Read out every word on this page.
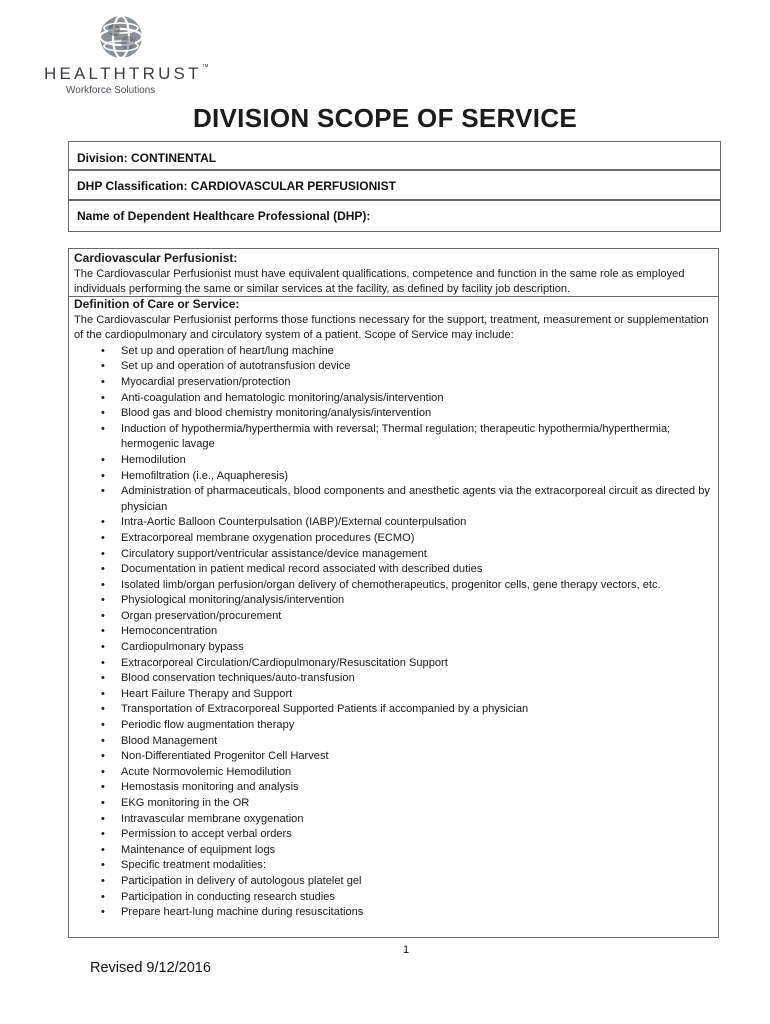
HEALTHTRUST™
Workforce Solutions
DIVISION SCOPE OF SERVICE
Division: CONTINENTAL
DHP Classification: CARDIOVASCULAR PERFUSIONIST
Name of Dependent Healthcare Professional (DHP):
Cardiovascular Perfusionist:
The Cardiovascular Perfusionist must have equivalent qualifications, competence and function in the same role as employed individuals performing the same or similar services at the facility, as defined by facility job description.
Definition of Care or Service:
The Cardiovascular Perfusionist performs those functions necessary for the support, treatment, measurement or supplementation of the cardiopulmonary and circulatory system of a patient. Scope of Service may include:
• Set up and operation of heart/lung machine
• Set up and operation of autotransfusion device
• Myocardial preservation/protection
• Anti-coagulation and hematologic monitoring/analysis/intervention
• Blood gas and blood chemistry monitoring/analysis/intervention
• Induction of hypothermia/hyperthermia with reversal; Thermal regulation; therapeutic hypothermia/hyperthermia; hermogenic lavage
• Hemodilution
• Hemofiltration (i.e., Aquapheresis)
• Administration of pharmaceuticals, blood components and anesthetic agents via the extracorporeal circuit as directed by physician
• Intra-Aortic Balloon Counterpulsation (IABP)/External counterpulsation
• Extracorporeal membrane oxygenation procedures (ECMO)
• Circulatory support/ventricular assistance/device management
• Documentation in patient medical record associated with described duties
• Isolated limb/organ perfusion/organ delivery of chemotherapeutics, progenitor cells, gene therapy vectors, etc.
• Physiological monitoring/analysis/intervention
• Organ preservation/procurement
• Hemoconcentration
• Cardiopulmonary bypass
• Extracorporeal Circulation/Cardiopulmonary/Resuscitation Support
• Blood conservation techniques/auto-transfusion
• Heart Failure Therapy and Support
• Transportation of Extracorporeal Supported Patients if accompanied by a physician
• Periodic flow augmentation therapy
• Blood Management
• Non-Differentiated Progenitor Cell Harvest
• Acute Normovolemic Hemodilution
• Hemostasis monitoring and analysis
• EKG monitoring in the OR
• Intravascular membrane oxygenation
• Permission to accept verbal orders
• Maintenance of equipment logs
• Specific treatment modalities:
• Participation in delivery of autologous platelet gel
• Participation in conducting research studies
• Prepare heart-lung machine during resuscitations
1
Revised 9/12/2016
